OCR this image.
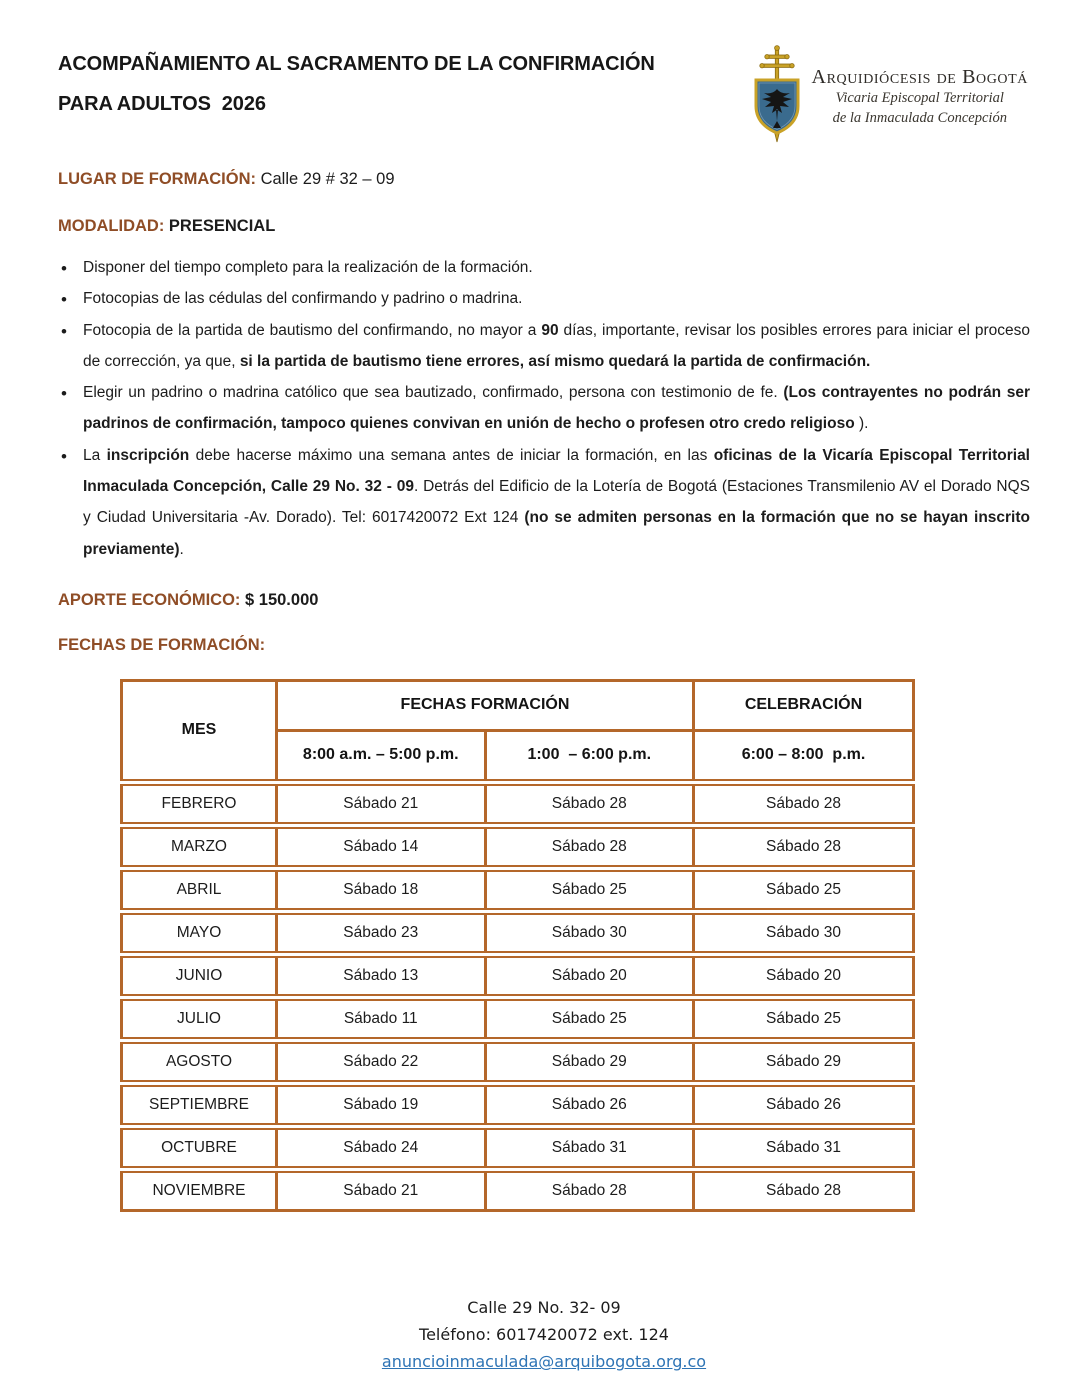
ACOMPAÑAMIENTO AL SACRAMENTO DE LA CONFIRMACIÓN
PARA ADULTOS  2026
Arquidiócesis de Bogotá
Vicaria Episcopal Territorial
de la Inmaculada Concepción

LUGAR DE FORMACIÓN: Calle 29 # 32 – 09

MODALIDAD: PRESENCIAL

• Disponer del tiempo completo para la realización de la formación.
• Fotocopias de las cédulas del confirmando y padrino o madrina.
• Fotocopia de la partida de bautismo del confirmando, no mayor a 90 días, importante, revisar los posibles errores para iniciar el proceso de corrección, ya que, si la partida de bautismo tiene errores, así mismo quedará la partida de confirmación.
• Elegir un padrino o madrina católico que sea bautizado, confirmado, persona con testimonio de fe. (Los contrayentes no podrán ser padrinos de confirmación, tampoco quienes convivan en unión de hecho o profesen otro credo religioso ).
• La inscripción debe hacerse máximo una semana antes de iniciar la formación, en las oficinas de la Vicaría Episcopal Territorial Inmaculada Concepción, Calle 29 No. 32 - 09. Detrás del Edificio de la Lotería de Bogotá (Estaciones Transmilenio AV el Dorado NQS y Ciudad Universitaria -Av. Dorado). Tel: 6017420072 Ext 124 (no se admiten personas en la formación que no se hayan inscrito previamente).

APORTE ECONÓMICO: $ 150.000

FECHAS DE FORMACIÓN:

MES	FECHAS FORMACIÓN		CELEBRACIÓN
	8:00 a.m. – 5:00 p.m.	1:00  – 6:00 p.m.	6:00 – 8:00  p.m.
FEBRERO	Sábado 21	Sábado 28	Sábado 28
MARZO	Sábado 14	Sábado 28	Sábado 28
ABRIL	Sábado 18	Sábado 25	Sábado 25
MAYO	Sábado 23	Sábado 30	Sábado 30
JUNIO	Sábado 13	Sábado 20	Sábado 20
JULIO	Sábado 11	Sábado 25	Sábado 25
AGOSTO	Sábado 22	Sábado 29	Sábado 29
SEPTIEMBRE	Sábado 19	Sábado 26	Sábado 26
OCTUBRE	Sábado 24	Sábado 31	Sábado 31
NOVIEMBRE	Sábado 21	Sábado 28	Sábado 28
Calle 29 No. 32- 09
Teléfono: 6017420072 ext. 124
anuncioinmaculada@arquibogota.org.co
